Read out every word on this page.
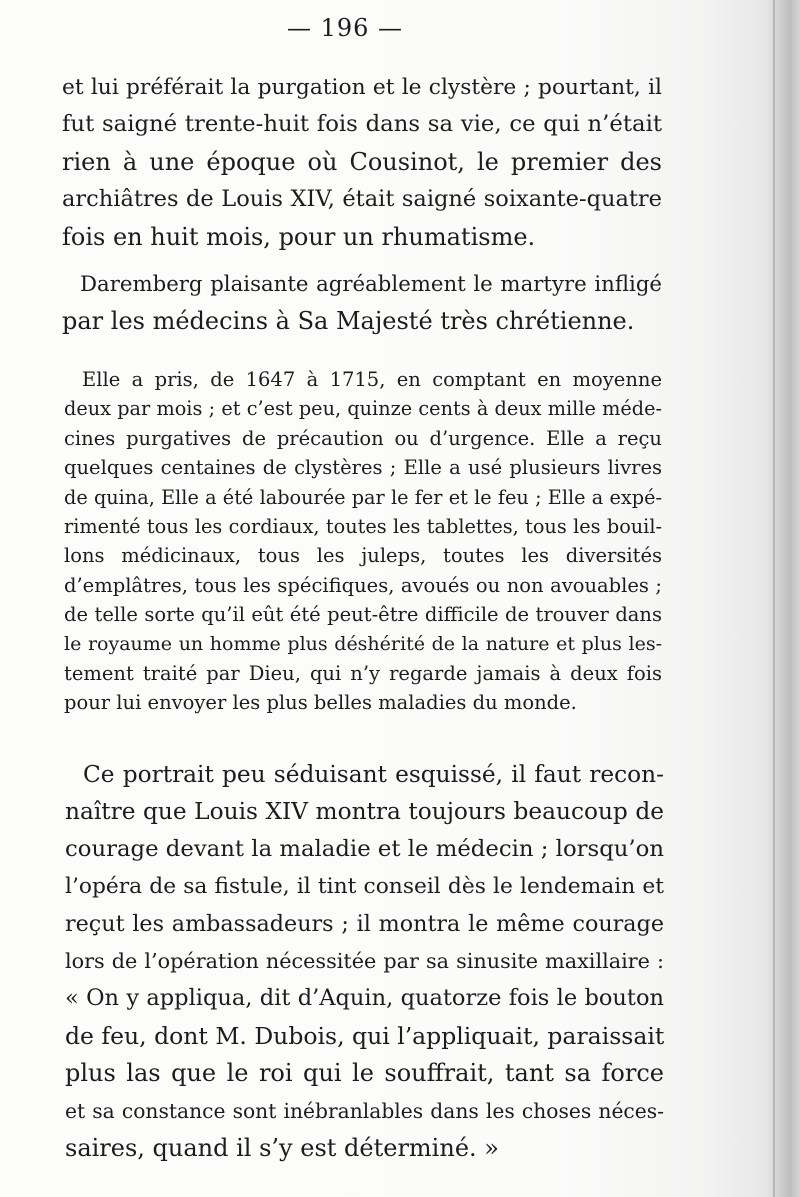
— 196 —
et lui préférait la purgation et le clystère ; pourtant, il
fut saigné trente-huit fois dans sa vie, ce qui n’était
rien à une époque où Cousinot, le premier des
archiâtres de Louis XIV, était saigné soixante-quatre
fois en huit mois, pour un rhumatisme.
Daremberg plaisante agréablement le martyre infligé
par les médecins à Sa Majesté très chrétienne.
Elle a pris, de 1647 à 1715, en comptant en moyenne
deux par mois ; et c’est peu, quinze cents à deux mille méde-
cines purgatives de précaution ou d’urgence. Elle a reçu
quelques centaines de clystères ; Elle a usé plusieurs livres
de quina, Elle a été labourée par le fer et le feu ; Elle a expé-
rimenté tous les cordiaux, toutes les tablettes, tous les bouil-
lons médicinaux, tous les juleps, toutes les diversités
d’emplâtres, tous les spécifiques, avoués ou non avouables ;
de telle sorte qu’il eût été peut-être difficile de trouver dans
le royaume un homme plus déshérité de la nature et plus les-
tement traité par Dieu, qui n’y regarde jamais à deux fois
pour lui envoyer les plus belles maladies du monde.
Ce portrait peu séduisant esquissé, il faut recon-
naître que Louis XIV montra toujours beaucoup de
courage devant la maladie et le médecin ; lorsqu’on
l’opéra de sa fistule, il tint conseil dès le lendemain et
reçut les ambassadeurs ; il montra le même courage
lors de l’opération nécessitée par sa sinusite maxillaire :
« On y appliqua, dit d’Aquin, quatorze fois le bouton
de feu, dont M. Dubois, qui l’appliquait, paraissait
plus las que le roi qui le souffrait, tant sa force
et sa constance sont inébranlables dans les choses néces-
saires, quand il s’y est déterminé. »
